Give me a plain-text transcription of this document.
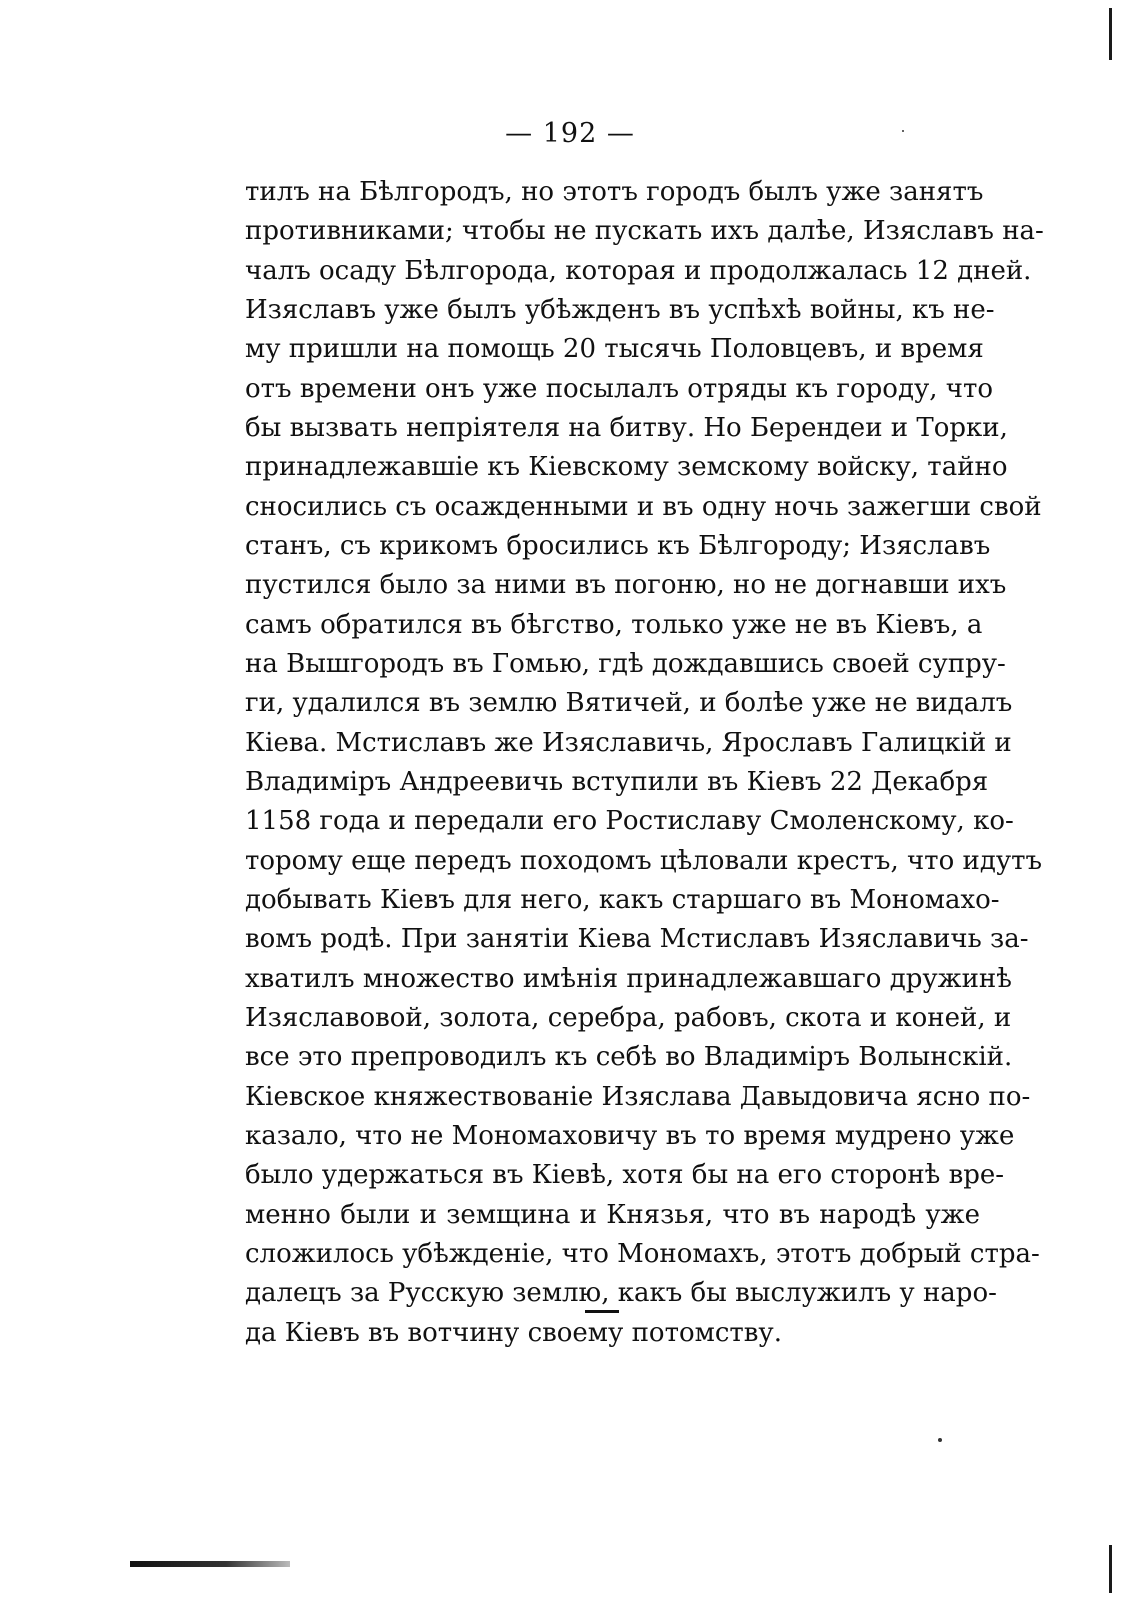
— 192 —
тилъ на Бѣлгородъ, но этотъ городъ былъ уже занятъ
противниками; чтобы не пускать ихъ далѣе, Изяславъ на-
чалъ осаду Бѣлгорода, которая и продолжалась 12 дней.
Изяславъ уже былъ убѣжденъ въ успѣхѣ войны, къ не-
му пришли на помощь 20 тысячь Половцевъ, и время
отъ времени онъ уже посылалъ отряды къ городу, что
бы вызвать непріятеля на битву. Но Берендеи и Торки,
принадлежавшіе къ Кіевскому земскому войску, тайно
сносились съ осажденными и въ одну ночь зажегши свой
станъ, съ крикомъ бросились къ Бѣлгороду; Изяславъ
пустился было за ними въ погоню, но не догнавши ихъ
самъ обратился въ бѣгство, только уже не въ Кіевъ, а
на Вышгородъ въ Гомью, гдѣ дождавшись своей супру-
ги, удалился въ землю Вятичей, и болѣе уже не видалъ
Кіева. Мстиславъ же Изяславичь, Ярославъ Галицкій и
Владиміръ Андреевичь вступили въ Кіевъ 22 Декабря
1158 года и передали его Ростиславу Смоленскому, ко-
торому еще передъ походомъ цѣловали крестъ, что идутъ
добывать Кіевъ для него, какъ старшаго въ Мономахо-
вомъ родѣ. При занятіи Кіева Мстиславъ Изяславичь за-
хватилъ множество имѣнія принадлежавшаго дружинѣ
Изяславовой, золота, серебра, рабовъ, скота и коней, и
все это препроводилъ къ себѣ во Владиміръ Волынскій.
Кіевское княжествованіе Изяслава Давыдовича ясно по-
казало, что не Мономаховичу въ то время мудрено уже
было удержаться въ Кіевѣ, хотя бы на его сторонѣ вре-
менно были и земщина и Князья, что въ народѣ уже
сложилось убѣжденіе, что Мономахъ, этотъ добрый стра-
далецъ за Русскую землю, какъ бы выслужилъ у наро-
да Кіевъ въ вотчину своему потомству.
